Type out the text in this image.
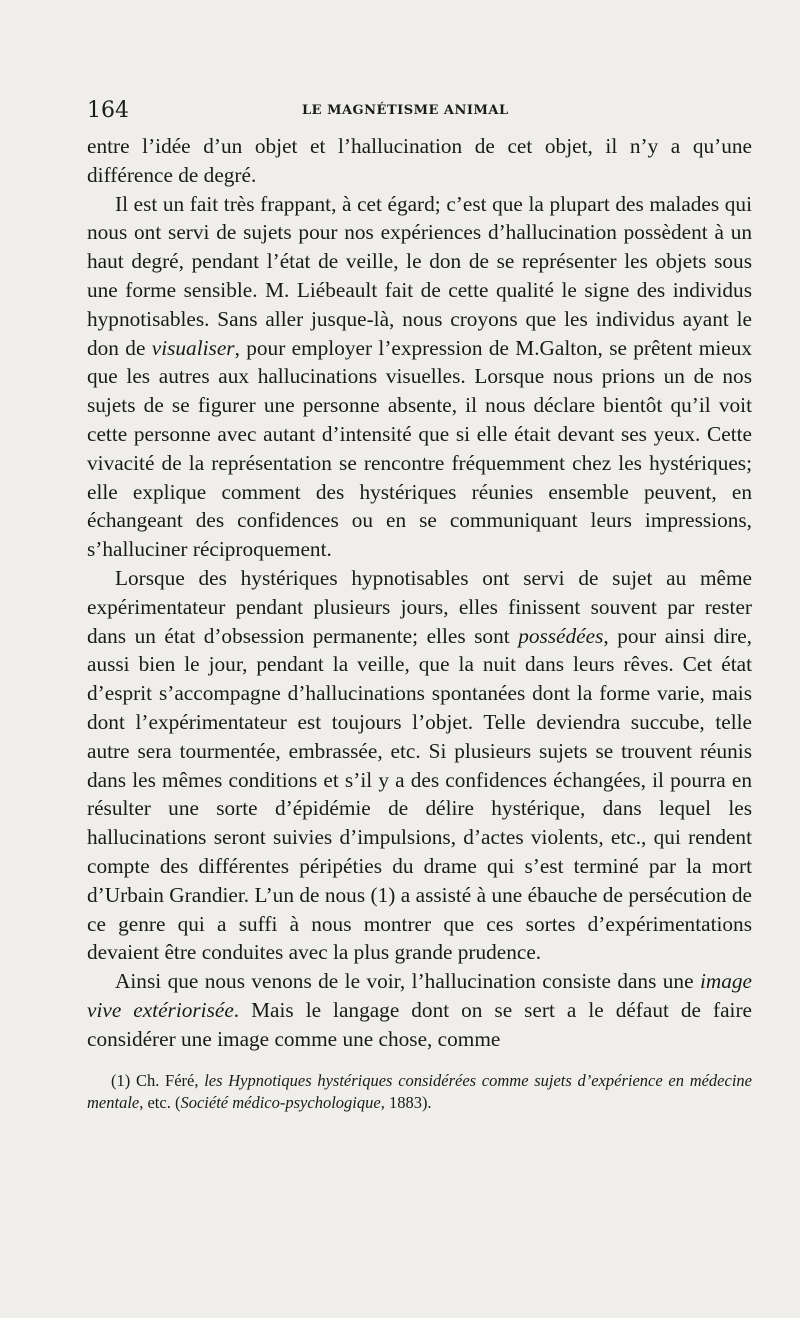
164	LE MAGNÉTISME ANIMAL

entre l’idée d’un objet et l’hallucination de cet objet, il n’y a qu’une différence de degré.

Il est un fait très frappant, à cet égard; c’est que la plupart des malades qui nous ont servi de sujets pour nos expériences d’hallucination possèdent à un haut degré, pendant l’état de veille, le don de se représenter les objets sous une forme sensible. M. Liébeault fait de cette qualité le signe des individus hypnotisables. Sans aller jusque-là, nous croyons que les individus ayant le don de visualiser, pour employer l’expression de M.Galton, se prêtent mieux que les autres aux hallucinations visuelles. Lorsque nous prions un de nos sujets de se figurer une personne absente, il nous déclare bientôt qu’il voit cette personne avec autant d’intensité que si elle était devant ses yeux. Cette vivacité de la représentation se rencontre fréquemment chez les hystériques; elle explique comment des hystériques réunies ensemble peuvent, en échangeant des confidences ou en se communiquant leurs impressions, s’halluciner réciproquement.

Lorsque des hystériques hypnotisables ont servi de sujet au même expérimentateur pendant plusieurs jours, elles finissent souvent par rester dans un état d’obsession permanente; elles sont possédées, pour ainsi dire, aussi bien le jour, pendant la veille, que la nuit dans leurs rêves. Cet état d’esprit s’accompagne d’hallucinations spontanées dont la forme varie, mais dont l’expérimentateur est toujours l’objet. Telle deviendra succube, telle autre sera tourmentée, embrassée, etc. Si plusieurs sujets se trouvent réunis dans les mêmes conditions et s’il y a des confidences échangées, il pourra en résulter une sorte d’épidémie de délire hystérique, dans lequel les hallucinations seront suivies d’impulsions, d’actes violents, etc., qui rendent compte des différentes péripéties du drame qui s’est terminé par la mort d’Urbain Grandier. L’un de nous (1) a assisté à une ébauche de persécution de ce genre qui a suffi à nous montrer que ces sortes d’expérimentations devaient être conduites avec la plus grande prudence.

Ainsi que nous venons de le voir, l’hallucination consiste dans une image vive extériorisée. Mais le langage dont on se sert a le défaut de faire considérer une image comme une chose, comme

(1) Ch. Féré, les Hypnotiques hystériques considérées comme sujets d’expérience en médecine mentale, etc. (Société médico-psychologique, 1883).
